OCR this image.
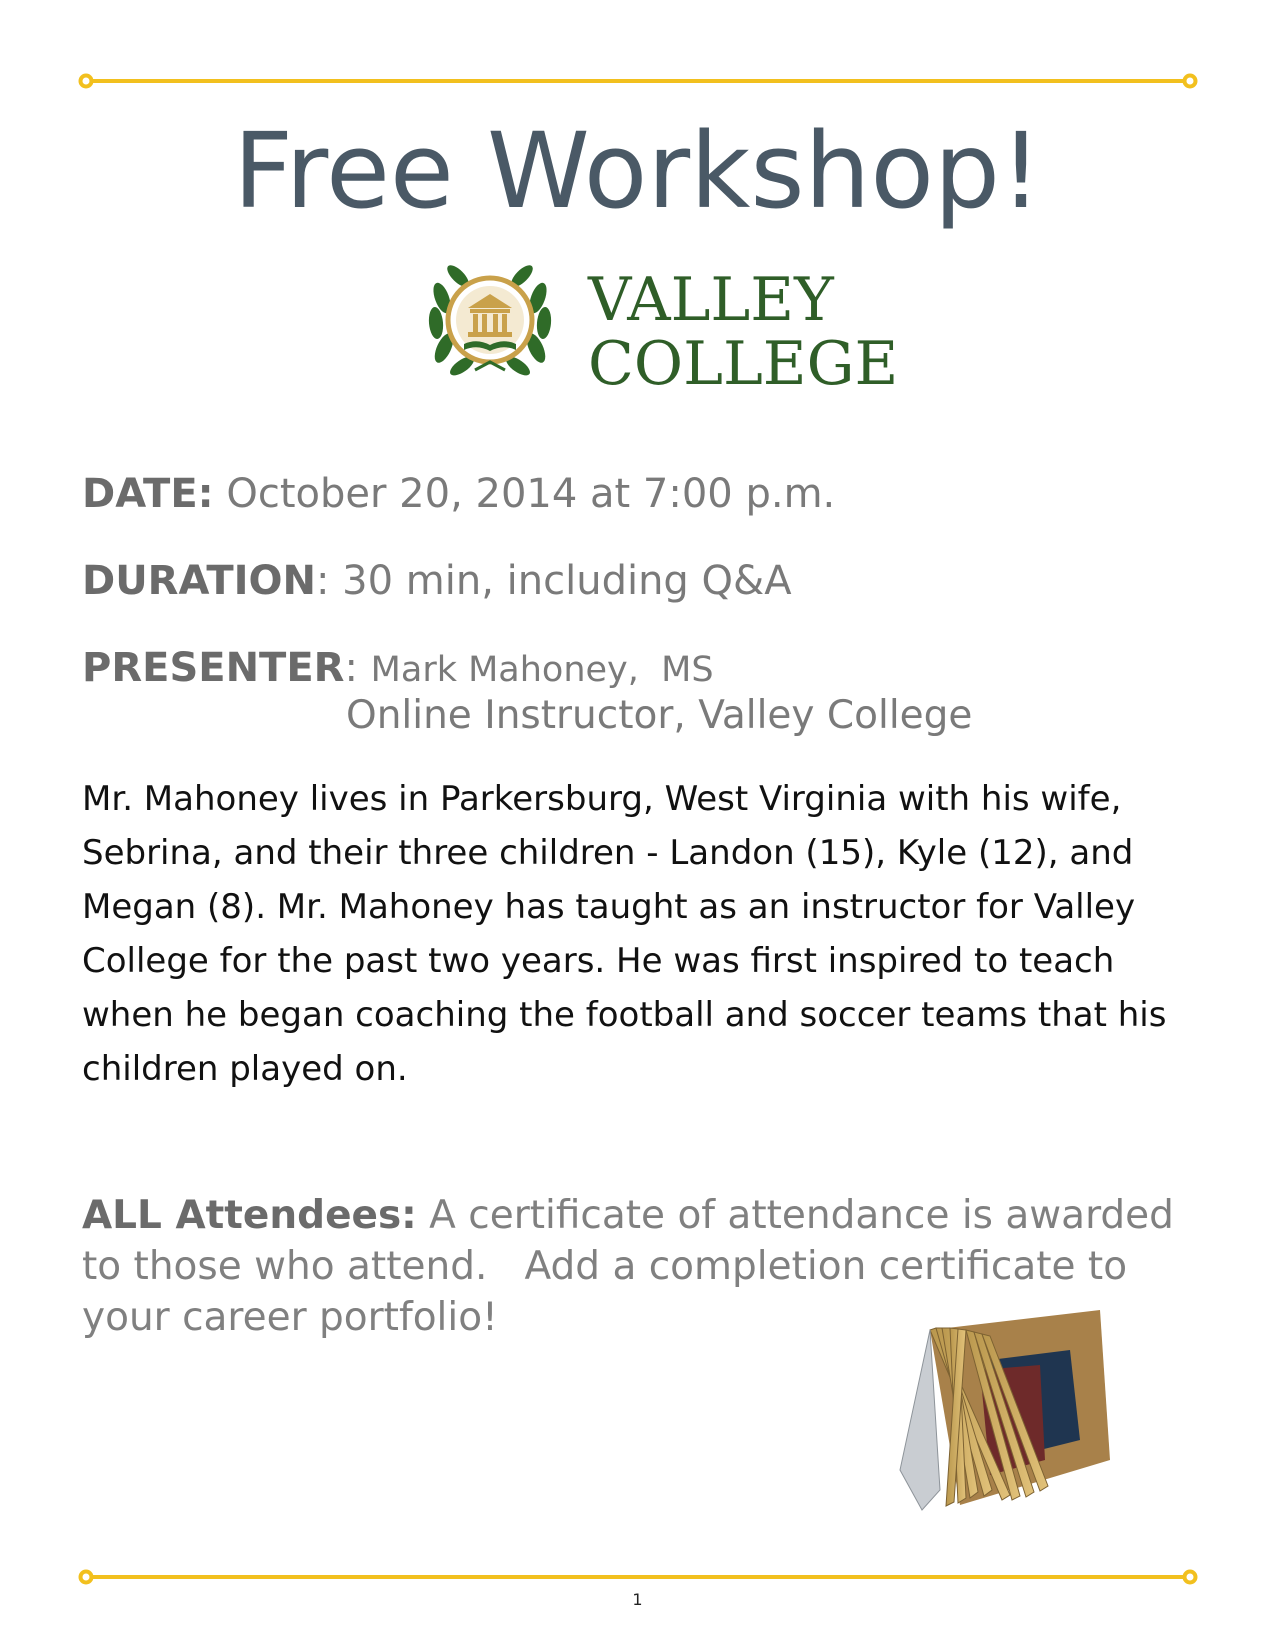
Free Workshop!
VALLEY
COLLEGE
DATE: October 20, 2014 at 7:00 p.m.
DURATION: 30 min, including Q&A
PRESENTER: Mark Mahoney,  MS
Online Instructor, Valley College

Mr. Mahoney lives in Parkersburg, West Virginia with his wife, Sebrina, and their three children - Landon (15), Kyle (12), and Megan (8). Mr. Mahoney has taught as an instructor for Valley College for the past two years. He was first inspired to teach when he began coaching the football and soccer teams that his children played on.

ALL Attendees: A certificate of attendance is awarded to those who attend.   Add a completion certificate to your career portfolio!

1
